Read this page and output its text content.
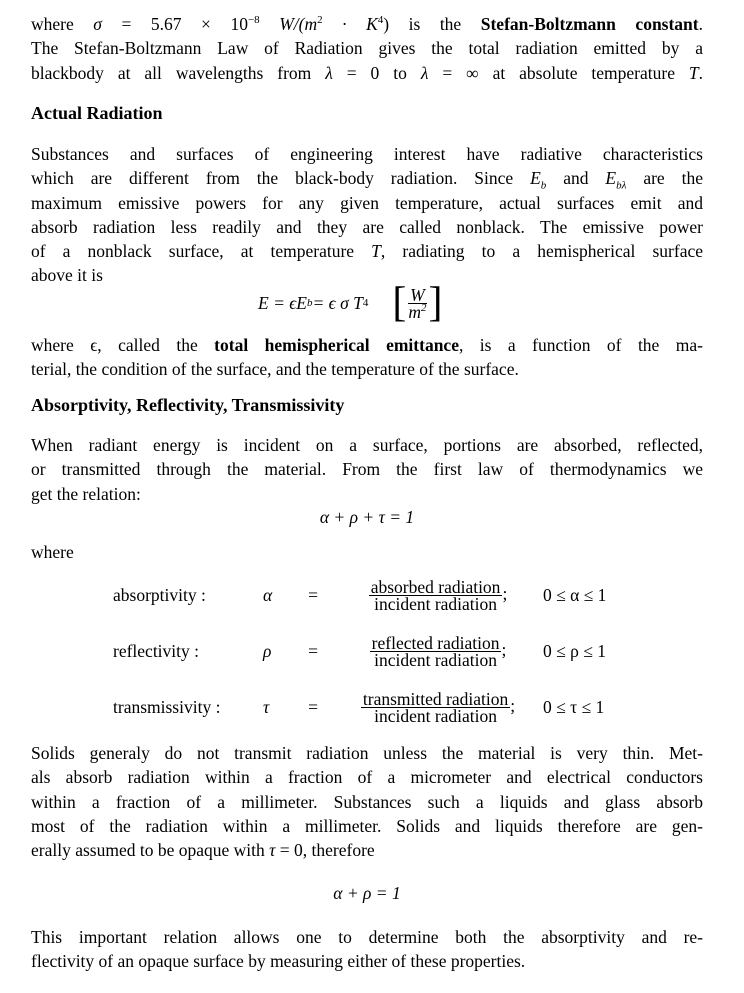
where $\sigma = 5.67 \times 10^{-8}$ $W/(m^2 \cdot K^4)$ is the Stefan-Boltzmann constant.
The Stefan-Boltzmann Law of Radiation gives the total radiation emitted by a
blackbody at all wavelengths from λ = 0 to λ = ∞ at absolute temperature T.
Actual Radiation
Substances and surfaces of engineering interest have radiative characteristics
which are different from the black-body radiation. Since $E_b$ and $E_{b\lambda}$ are the
maximum emissive powers for any given temperature, actual surfaces emit and
absorb radiation less readily and they are called nonblack. The emissive power
of a nonblack surface, at temperature T, radiating to a hemispherical surface
above it is
E = ϵE b = ϵ σ T 4 [ $\frac{W}{m^2}$ ]
where ϵ, called the total hemispherical emittance, is a function of the ma-
terial, the condition of the surface, and the temperature of the surface.
Absorptivity, Reflectivity, Transmissivity
When radiant energy is incident on a surface, portions are absorbed, reflected,
or transmitted through the material. From the first law of thermodynamics we
get the relation:
α + ρ + τ = 1
where
absorptivity :	α	=	$\frac{\text{absorbed radiation}}{\text{incident radiation}}$ ;	0 ≤ α ≤ 1
reflectivity :	ρ	=	$\frac{\text{reflected radiation}}{\text{incident radiation}}$ ;	0 ≤ ρ ≤ 1
transmissivity :	τ	=	$\frac{\text{transmitted radiation}}{\text{incident radiation}}$ ;	0 ≤ τ ≤ 1
Solids generaly do not transmit radiation unless the material is very thin. Met-
als absorb radiation within a fraction of a micrometer and electrical conductors
within a fraction of a millimeter. Substances such a liquids and glass absorb
most of the radiation within a millimeter. Solids and liquids therefore are gen-
erally assumed to be opaque with τ = 0, therefore
α + ρ = 1
This important relation allows one to determine both the absorptivity and re-
flectivity of an opaque surface by measuring either of these properties.
